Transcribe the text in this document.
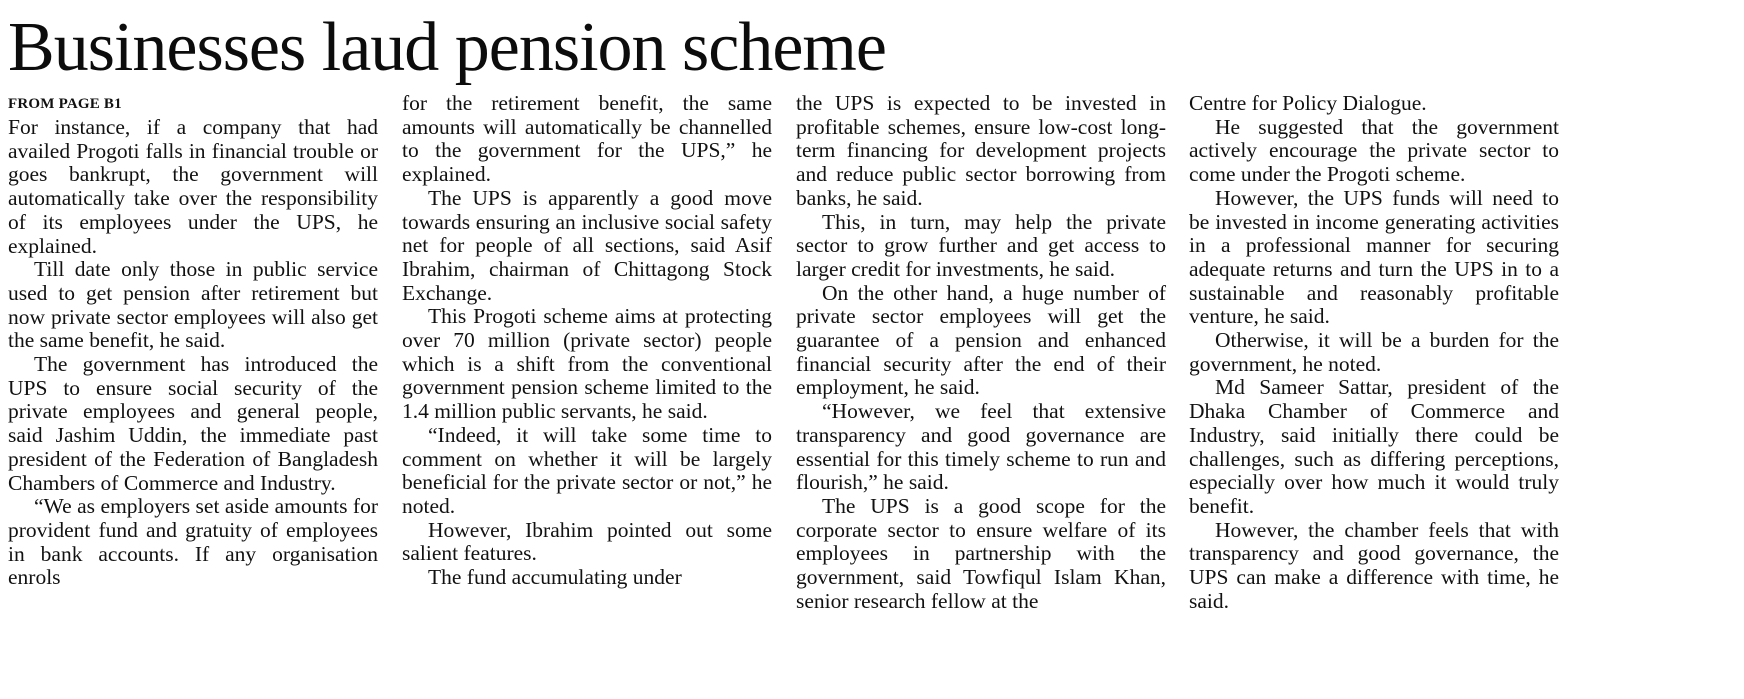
Businesses laud pension scheme
FROM PAGE B1

For instance, if a company that had availed Progoti falls in financial trouble or goes bankrupt, the government will automatically take over the responsibility of its employees under the UPS, he explained.

Till date only those in public service used to get pension after retirement but now private sector employees will also get the same benefit, he said.

The government has introduced the UPS to ensure social security of the private employees and general people, said Jashim Uddin, the immediate past president of the Federation of Bangladesh Chambers of Commerce and Industry.

“We as employers set aside amounts for provident fund and gratuity of employees in bank accounts. If any organisation enrols

for the retirement benefit, the same amounts will automatically be channelled to the government for the UPS,” he explained.

The UPS is apparently a good move towards ensuring an inclusive social safety net for people of all sections, said Asif Ibrahim, chairman of Chittagong Stock Exchange.

This Progoti scheme aims at protecting over 70 million (private sector) people which is a shift from the conventional government pension scheme limited to the 1.4 million public servants, he said.

“Indeed, it will take some time to comment on whether it will be largely beneficial for the private sector or not,” he noted.

However, Ibrahim pointed out some salient features.

The fund accumulating under

the UPS is expected to be invested in profitable schemes, ensure low-cost long-term financing for development projects and reduce public sector borrowing from banks, he said.

This, in turn, may help the private sector to grow further and get access to larger credit for investments, he said.

On the other hand, a huge number of private sector employees will get the guarantee of a pension and enhanced financial security after the end of their employment, he said.

“However, we feel that extensive transparency and good governance are essential for this timely scheme to run and flourish,” he said.

The UPS is a good scope for the corporate sector to ensure welfare of its employees in partnership with the government, said Towfiqul Islam Khan, senior research fellow at the

Centre for Policy Dialogue.

He suggested that the government actively encourage the private sector to come under the Progoti scheme.

However, the UPS funds will need to be invested in income generating activities in a professional manner for securing adequate returns and turn the UPS in to a sustainable and reasonably profitable venture, he said.

Otherwise, it will be a burden for the government, he noted.

Md Sameer Sattar, president of the Dhaka Chamber of Commerce and Industry, said initially there could be challenges, such as differing perceptions, especially over how much it would truly benefit.

However, the chamber feels that with transparency and good governance, the UPS can make a difference with time, he said.
